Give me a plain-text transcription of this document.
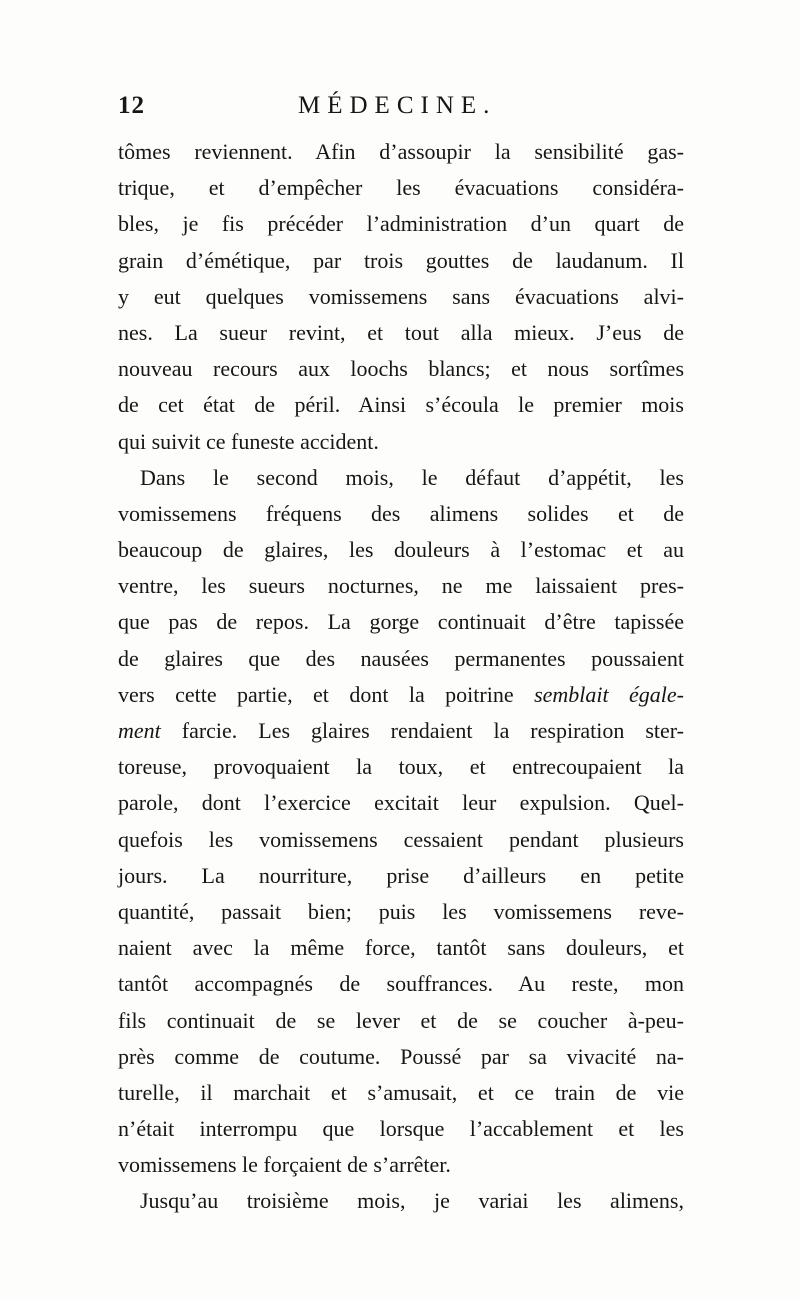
12	MÉDECINE.
tômes reviennent. Afin d’assoupir la sensibilité gas-
trique, et d’empêcher les évacuations considéra-
bles, je fis précéder l’administration d’un quart de
grain d’émétique, par trois gouttes de laudanum. Il
y eut quelques vomissemens sans évacuations alvi-
nes. La sueur revint, et tout alla mieux. J’eus de
nouveau recours aux loochs blancs; et nous sortîmes
de cet état de péril. Ainsi s’écoula le premier mois
qui suivit ce funeste accident.
Dans le second mois, le défaut d’appétit, les
vomissemens fréquens des alimens solides et de
beaucoup de glaires, les douleurs à l’estomac et au
ventre, les sueurs nocturnes, ne me laissaient pres-
que pas de repos. La gorge continuait d’être tapissée
de glaires que des nausées permanentes poussaient
vers cette partie, et dont la poitrine semblait égale-
ment farcie. Les glaires rendaient la respiration ster-
toreuse, provoquaient la toux, et entrecoupaient la
parole, dont l’exercice excitait leur expulsion. Quel-
quefois les vomissemens cessaient pendant plusieurs
jours. La nourriture, prise d’ailleurs en petite
quantité, passait bien; puis les vomissemens reve-
naient avec la même force, tantôt sans douleurs, et
tantôt accompagnés de souffrances. Au reste, mon
fils continuait de se lever et de se coucher à-peu-
près comme de coutume. Poussé par sa vivacité na-
turelle, il marchait et s’amusait, et ce train de vie
n’était interrompu que lorsque l’accablement et les
vomissemens le forçaient de s’arrêter.
Jusqu’au troisième mois, je variai les alimens,
